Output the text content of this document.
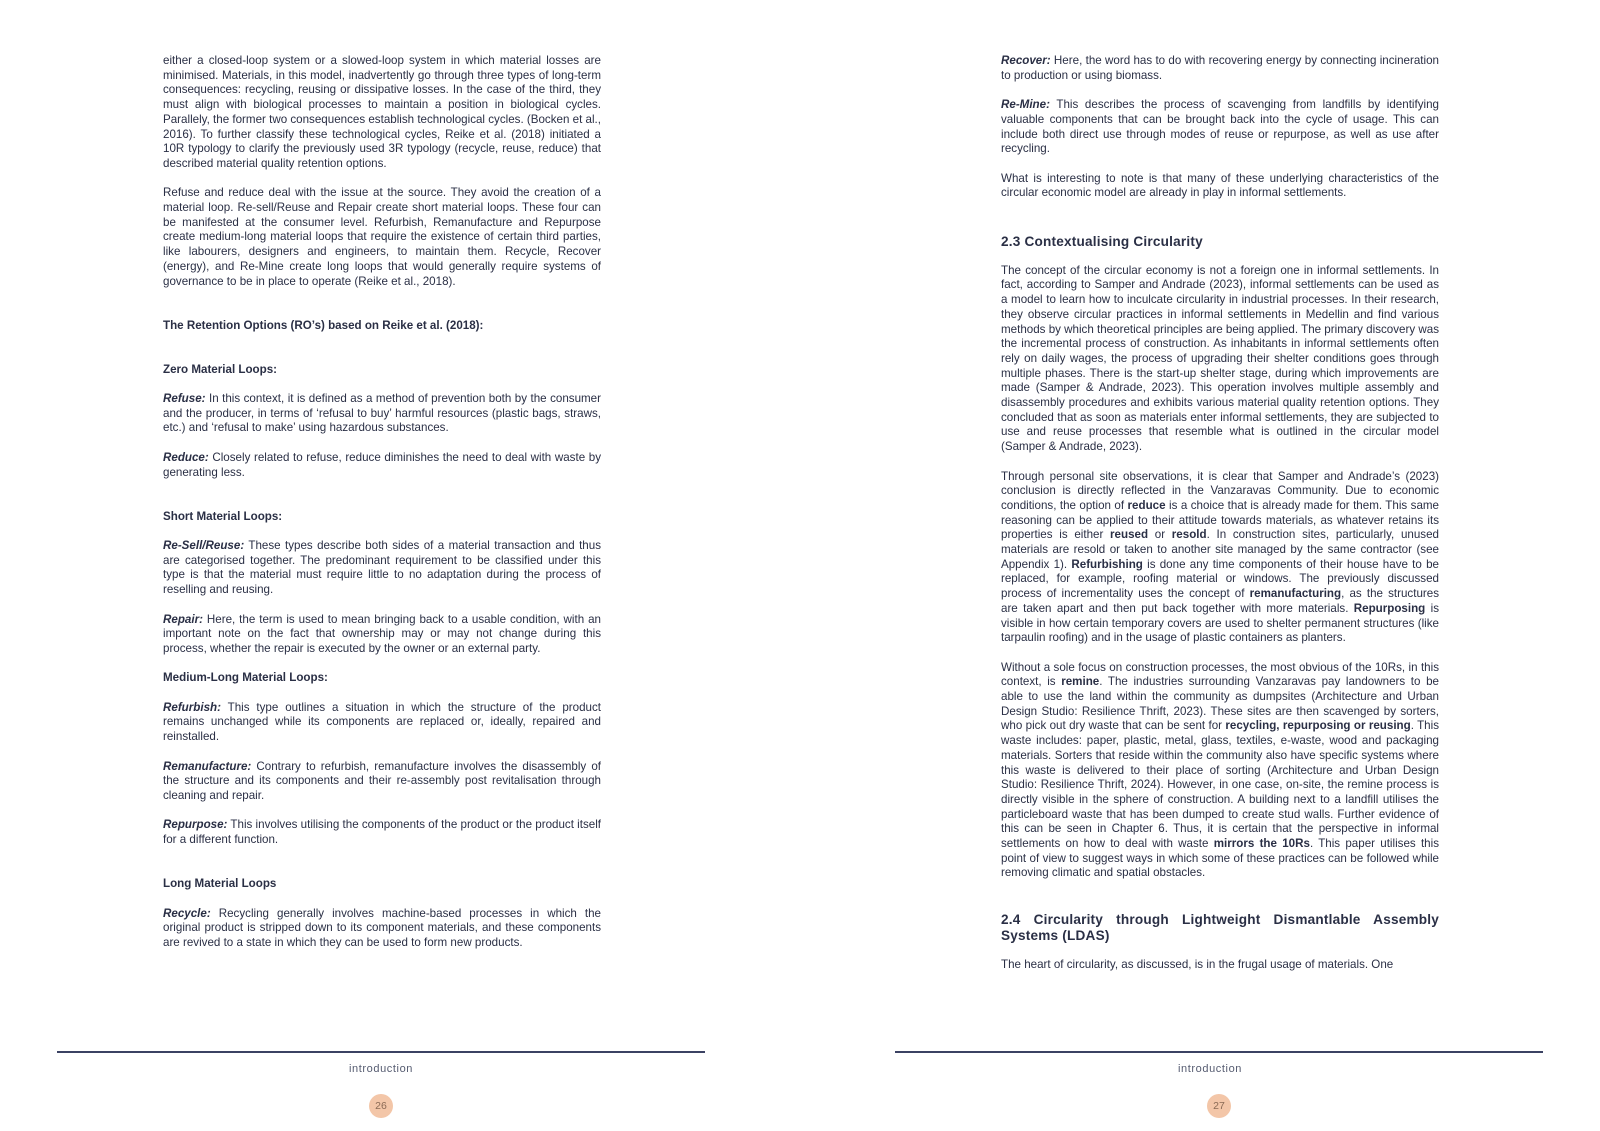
either a closed-loop system or a slowed-loop system in which material losses are minimised. Materials, in this model, inadvertently go through three types of long-term consequences: recycling, reusing or dissipative losses. In the case of the third, they must align with biological processes to maintain a position in biological cycles. Parallely, the former two consequences establish technological cycles. (Bocken et al., 2016). To further classify these technological cycles, Reike et al. (2018) initiated a 10R typology to clarify the previously used 3R typology (recycle, reuse, reduce) that described material quality retention options.

Refuse and reduce deal with the issue at the source. They avoid the creation of a material loop. Re-sell/Reuse and Repair create short material loops. These four can be manifested at the consumer level. Refurbish, Remanufacture and Repurpose create medium-long material loops that require the existence of certain third parties, like labourers, designers and engineers, to maintain them. Recycle, Recover (energy), and Re-Mine create long loops that would generally require systems of governance to be in place to operate (Reike et al., 2018).

The Retention Options (RO’s) based on Reike et al. (2018):
Zero Material Loops:

Refuse: In this context, it is defined as a method of prevention both by the consumer and the producer, in terms of ‘refusal to buy’ harmful resources (plastic bags, straws, etc.) and ‘refusal to make’ using hazardous substances.

Reduce: Closely related to refuse, reduce diminishes the need to deal with waste by generating less.

Short Material Loops:

Re-Sell/Reuse: These types describe both sides of a material transaction and thus are categorised together. The predominant requirement to be classified under this type is that the material must require little to no adaptation during the process of reselling and reusing.

Repair: Here, the term is used to mean bringing back to a usable condition, with an important note on the fact that ownership may or may not change during this process, whether the repair is executed by the owner or an external party.

Medium-Long Material Loops:

Refurbish: This type outlines a situation in which the structure of the product remains unchanged while its components are replaced or, ideally, repaired and reinstalled.

Remanufacture: Contrary to refurbish, remanufacture involves the disassembly of the structure and its components and their re-assembly post revitalisation through cleaning and repair.

Repurpose: This involves utilising the components of the product or the product itself for a different function.

Long Material Loops

Recycle: Recycling generally involves machine-based processes in which the original product is stripped down to its component materials, and these components are revived to a state in which they can be used to form new products.

introduction
26

Recover: Here, the word has to do with recovering energy by connecting incineration to production or using biomass.

Re-Mine: This describes the process of scavenging from landfills by identifying valuable components that can be brought back into the cycle of usage. This can include both direct use through modes of reuse or repurpose, as well as use after recycling.

What is interesting to note is that many of these underlying characteristics of the circular economic model are already in play in informal settlements.

2.3 Contextualising Circularity

The concept of the circular economy is not a foreign one in informal settlements. In fact, according to Samper and Andrade (2023), informal settlements can be used as a model to learn how to inculcate circularity in industrial processes. In their research, they observe circular practices in informal settlements in Medellin and find various methods by which theoretical principles are being applied. The primary discovery was the incremental process of construction. As inhabitants in informal settlements often rely on daily wages, the process of upgrading their shelter conditions goes through multiple phases. There is the start-up shelter stage, during which improvements are made (Samper & Andrade, 2023). This operation involves multiple assembly and disassembly procedures and exhibits various material quality retention options. They concluded that as soon as materials enter informal settlements, they are subjected to use and reuse processes that resemble what is outlined in the circular model (Samper & Andrade, 2023).

Through personal site observations, it is clear that Samper and Andrade’s (2023) conclusion is directly reflected in the Vanzaravas Community. Due to economic conditions, the option of reduce is a choice that is already made for them. This same reasoning can be applied to their attitude towards materials, as whatever retains its properties is either reused or resold. In construction sites, particularly, unused materials are resold or taken to another site managed by the same contractor (see Appendix 1). Refurbishing is done any time components of their house have to be replaced, for example, roofing material or windows. The previously discussed process of incrementality uses the concept of remanufacturing, as the structures are taken apart and then put back together with more materials. Repurposing is visible in how certain temporary covers are used to shelter permanent structures (like tarpaulin roofing) and in the usage of plastic containers as planters.

Without a sole focus on construction processes, the most obvious of the 10Rs, in this context, is remine. The industries surrounding Vanzaravas pay landowners to be able to use the land within the community as dumpsites (Architecture and Urban Design Studio: Resilience Thrift, 2023). These sites are then scavenged by sorters, who pick out dry waste that can be sent for recycling, repurposing or reusing. This waste includes: paper, plastic, metal, glass, textiles, e-waste, wood and packaging materials. Sorters that reside within the community also have specific systems where this waste is delivered to their place of sorting (Architecture and Urban Design Studio: Resilience Thrift, 2024). However, in one case, on-site, the remine process is directly visible in the sphere of construction. A building next to a landfill utilises the particleboard waste that has been dumped to create stud walls. Further evidence of this can be seen in Chapter 6. Thus, it is certain that the perspective in informal settlements on how to deal with waste mirrors the 10Rs. This paper utilises this point of view to suggest ways in which some of these practices can be followed while removing climatic and spatial obstacles.

2.4 Circularity through Lightweight Dismantlable Assembly Systems (LDAS)

The heart of circularity, as discussed, is in the frugal usage of materials. One

introduction
27
